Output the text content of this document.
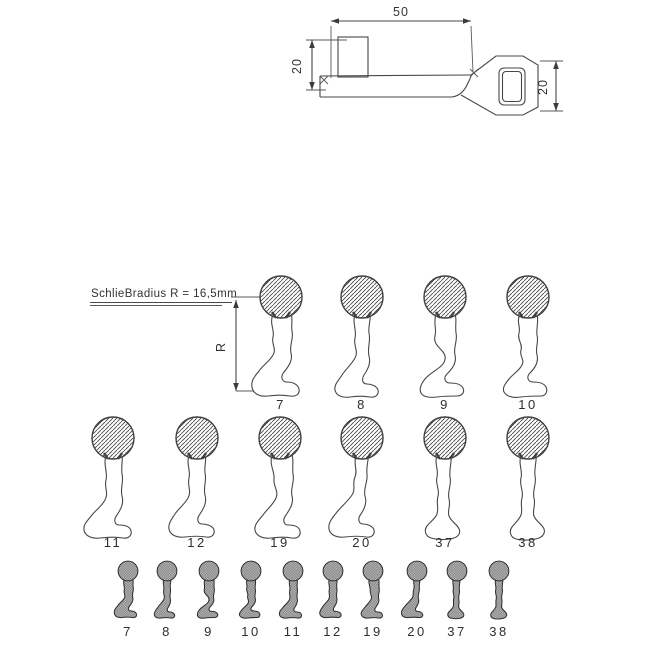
50
20
20
SchlieBradius R = 16,5mm
R
7	8	9	10
11	12	19	20	37	38
7 8 9 10 11 12 19 20 37 38
